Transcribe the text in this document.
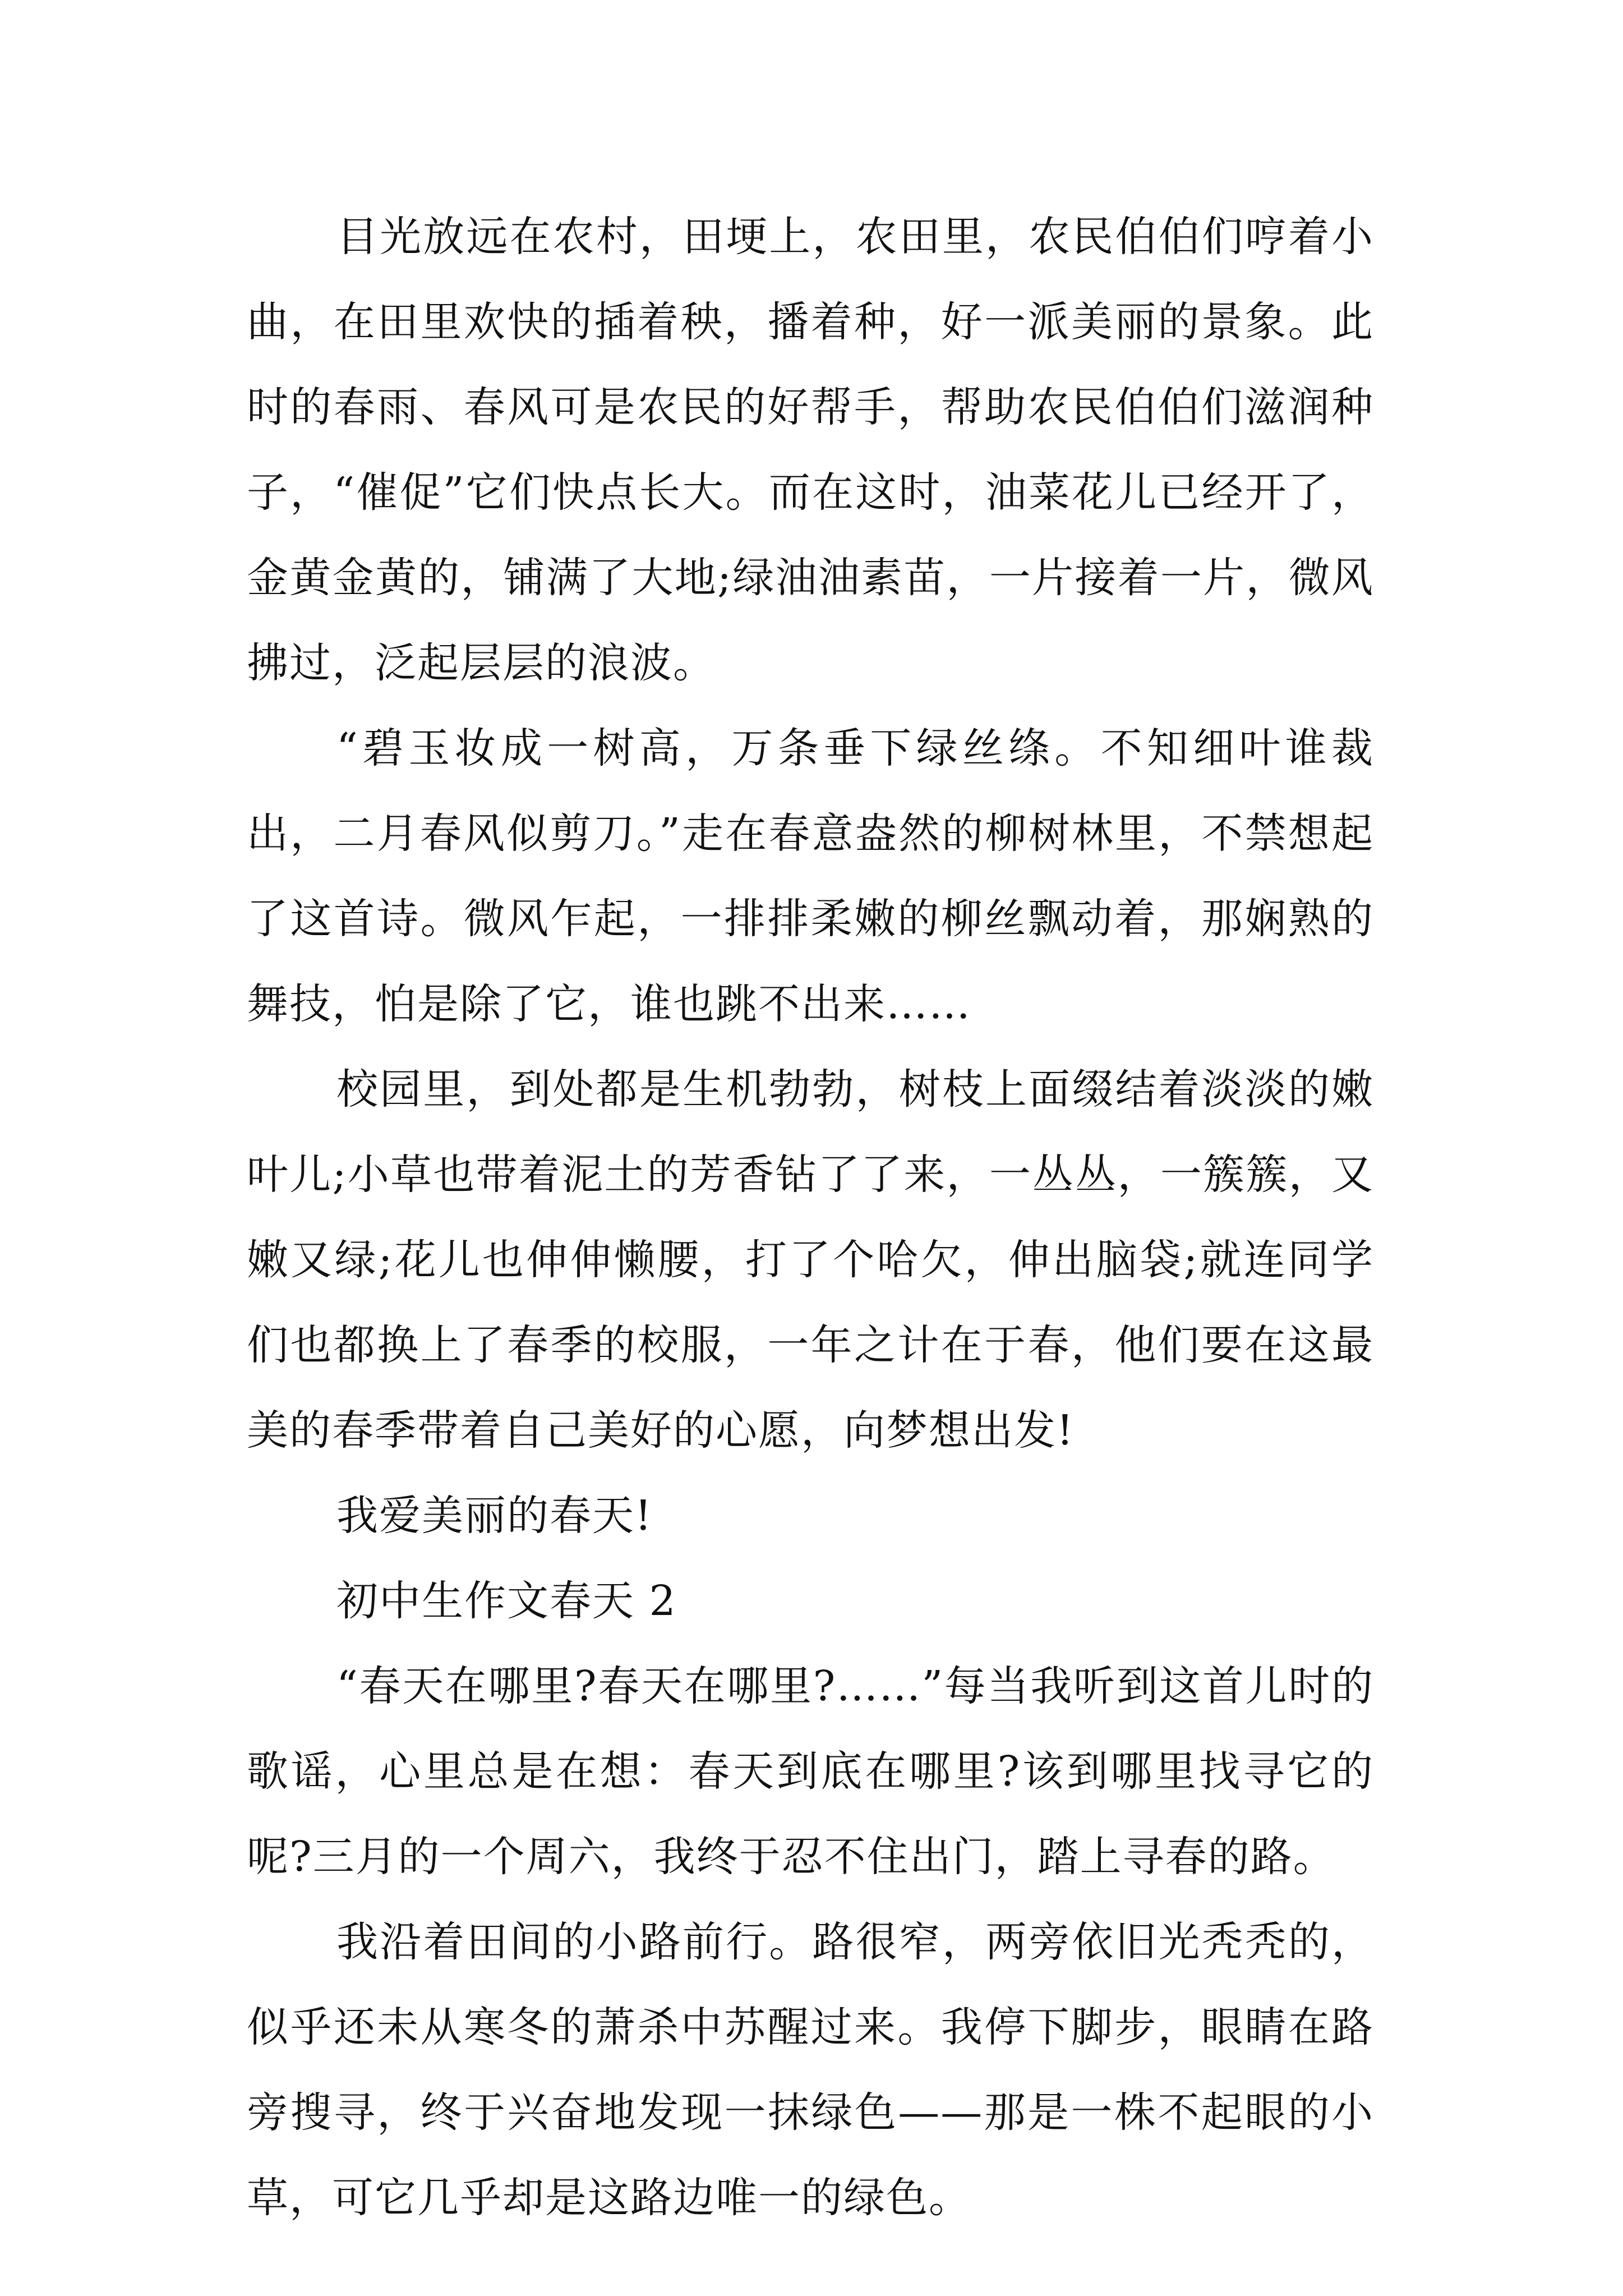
目光放远在农村，田埂上，农田里，农民伯伯们哼着小曲，在田里欢快的插着秧，播着种，好一派美丽的景象。此时的春雨、春风可是农民的好帮手，帮助农民伯伯们滋润种子，“催促”它们快点长大。而在这时，油菜花儿已经开了，金黄金黄的，铺满了大地;绿油油素苗，一片接着一片，微风拂过，泛起层层的浪波。

“碧玉妆成一树高，万条垂下绿丝绦。不知细叶谁裁出，二月春风似剪刀。”走在春意盎然的柳树林里，不禁想起了这首诗。微风乍起，一排排柔嫩的柳丝飘动着，那娴熟的舞技，怕是除了它，谁也跳不出来……

校园里，到处都是生机勃勃，树枝上面缀结着淡淡的嫩叶儿;小草也带着泥土的芳香钻了了来，一丛丛，一簇簇，又嫩又绿;花儿也伸伸懒腰，打了个哈欠，伸出脑袋;就连同学们也都换上了春季的校服，一年之计在于春，他们要在这最美的春季带着自己美好的心愿，向梦想出发!

我爱美丽的春天!

初中生作文春天 2

“春天在哪里?春天在哪里?……”每当我听到这首儿时的歌谣，心里总是在想：春天到底在哪里?该到哪里找寻它的呢?三月的一个周六，我终于忍不住出门，踏上寻春的路。

我沿着田间的小路前行。路很窄，两旁依旧光秃秃的，似乎还未从寒冬的萧杀中苏醒过来。我停下脚步，眼睛在路旁搜寻，终于兴奋地发现一抹绿色——那是一株不起眼的小草，可它几乎却是这路边唯一的绿色。
